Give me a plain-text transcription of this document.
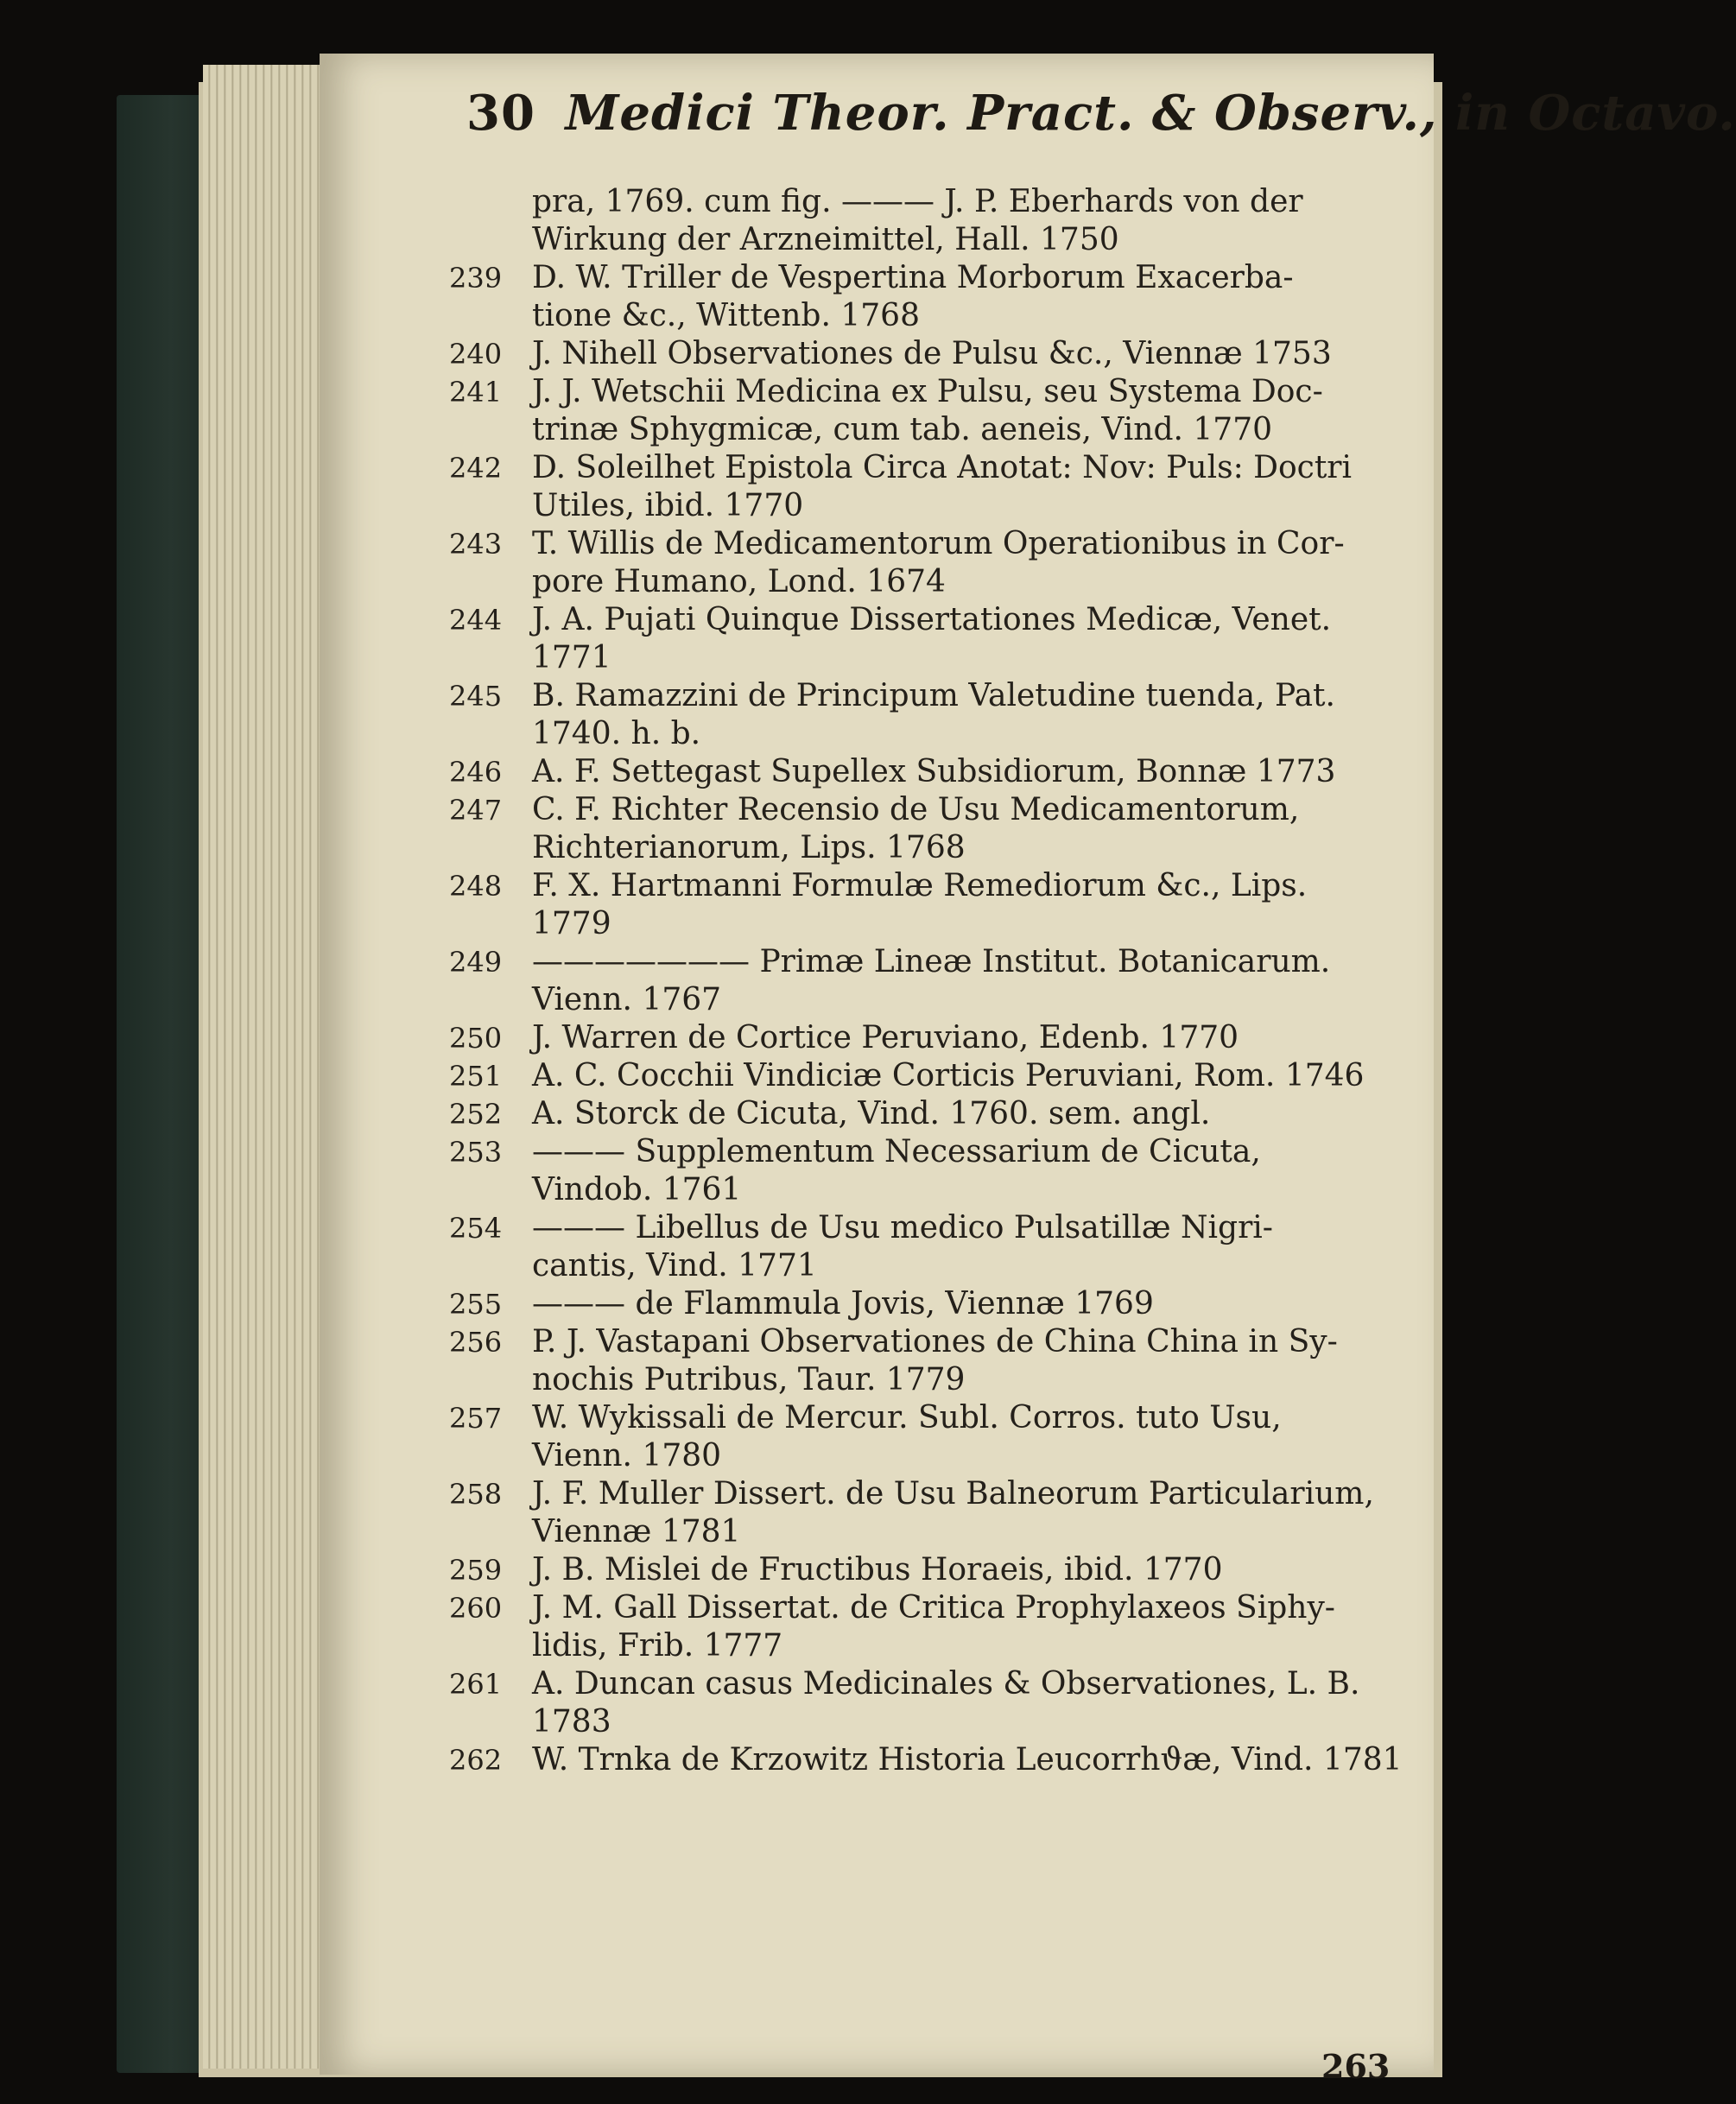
30 Medici Theor. Pract. & Observ., in Octavo.
pra, 1769. cum fig. ——— J. P. Eberhards von der
Wirkung der Arzneimittel, Hall. 1750
239 D. W. Triller de Vespertina Morborum Exacerba-
tione &c., Wittenb. 1768
240 J. Nihell Observationes de Pulsu &c., Viennæ 1753
241 J. J. Wetschii Medicina ex Pulsu, seu Systema Doc-
trinæ Sphygmicæ, cum tab. aeneis, Vind. 1770
242 D. Soleilhet Epistola Circa Anotat: Nov: Puls: Doctri
Utiles, ibid. 1770
243 T. Willis de Medicamentorum Operationibus in Cor-
pore Humano, Lond. 1674
244 J. A. Pujati Quinque Dissertationes Medicæ, Venet.
1771
245 B. Ramazzini de Principum Valetudine tuenda, Pat.
1740. h. b.
246 A. F. Settegast Supellex Subsidiorum, Bonnæ 1773
247 C. F. Richter Recensio de Usu Medicamentorum,
Richterianorum, Lips. 1768
248 F. X. Hartmanni Formulæ Remediorum &c., Lips.
1779
249 ——————— Primæ Lineæ Institut. Botanicarum.
Vienn. 1767
250 J. Warren de Cortice Peruviano, Edenb. 1770
251 A. C. Cocchii Vindiciæ Corticis Peruviani, Rom. 1746
252 A. Storck de Cicuta, Vind. 1760. sem. angl.
253 ——— Supplementum Necessarium de Cicuta,
Vindob. 1761
254 ——— Libellus de Usu medico Pulsatillæ Nigri-
cantis, Vind. 1771
255 ——— de Flammula Jovis, Viennæ 1769
256 P. J. Vastapani Observationes de China China in Sy-
nochis Putribus, Taur. 1779
257 W. Wykissali de Mercur. Subl. Corros. tuto Usu,
Vienn. 1780
258 J. F. Muller Dissert. de Usu Balneorum Particularium,
Viennæ 1781
259 J. B. Mislei de Fructibus Horaeis, ibid. 1770
260 J. M. Gall Dissertat. de Critica Prophylaxeos Siphy-
lidis, Frib. 1777
261 A. Duncan casus Medicinales & Observationes, L. B.
1783
262 W. Trnka de Krzowitz Historia Leucorrhϑæ, Vind. 1781
263
